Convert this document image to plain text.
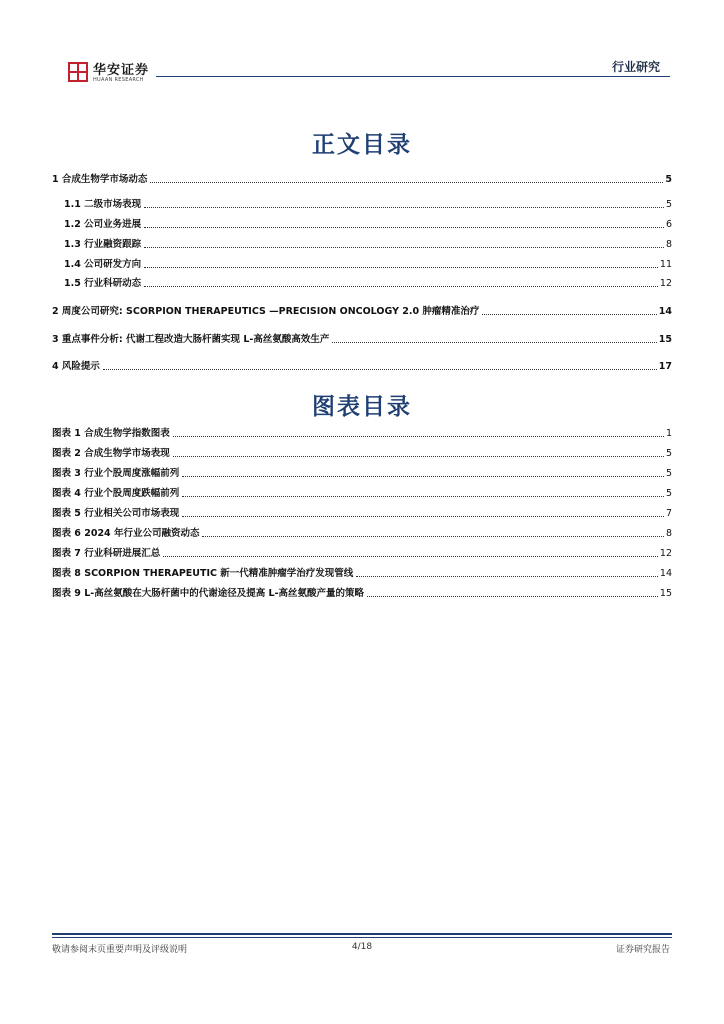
华安证券
HUAAN RESEARCH
行业研究
正文目录
1 合成生物学市场动态	5
1.1 二级市场表现	5
1.2 公司业务进展	6
1.3 行业融资跟踪	8
1.4 公司研发方向	11
1.5 行业科研动态	12
2 周度公司研究: SCORPION THERAPEUTICS —PRECISION ONCOLOGY 2.0 肿瘤精准治疗	14
3 重点事件分析: 代谢工程改造大肠杆菌实现 L-高丝氨酸高效生产	15
4 风险提示	17
图表目录
图表 1 合成生物学指数图表	1
图表 2 合成生物学市场表现	5
图表 3 行业个股周度涨幅前列	5
图表 4 行业个股周度跌幅前列	5
图表 5 行业相关公司市场表现	7
图表 6 2024 年行业公司融资动态	8
图表 7 行业科研进展汇总	12
图表 8 SCORPION THERAPEUTIC 新一代精准肿瘤学治疗发现管线	14
图表 9 L-高丝氨酸在大肠杆菌中的代谢途径及提高 L-高丝氨酸产量的策略	15
敬请参阅末页重要声明及评级说明	4/18	证券研究报告
